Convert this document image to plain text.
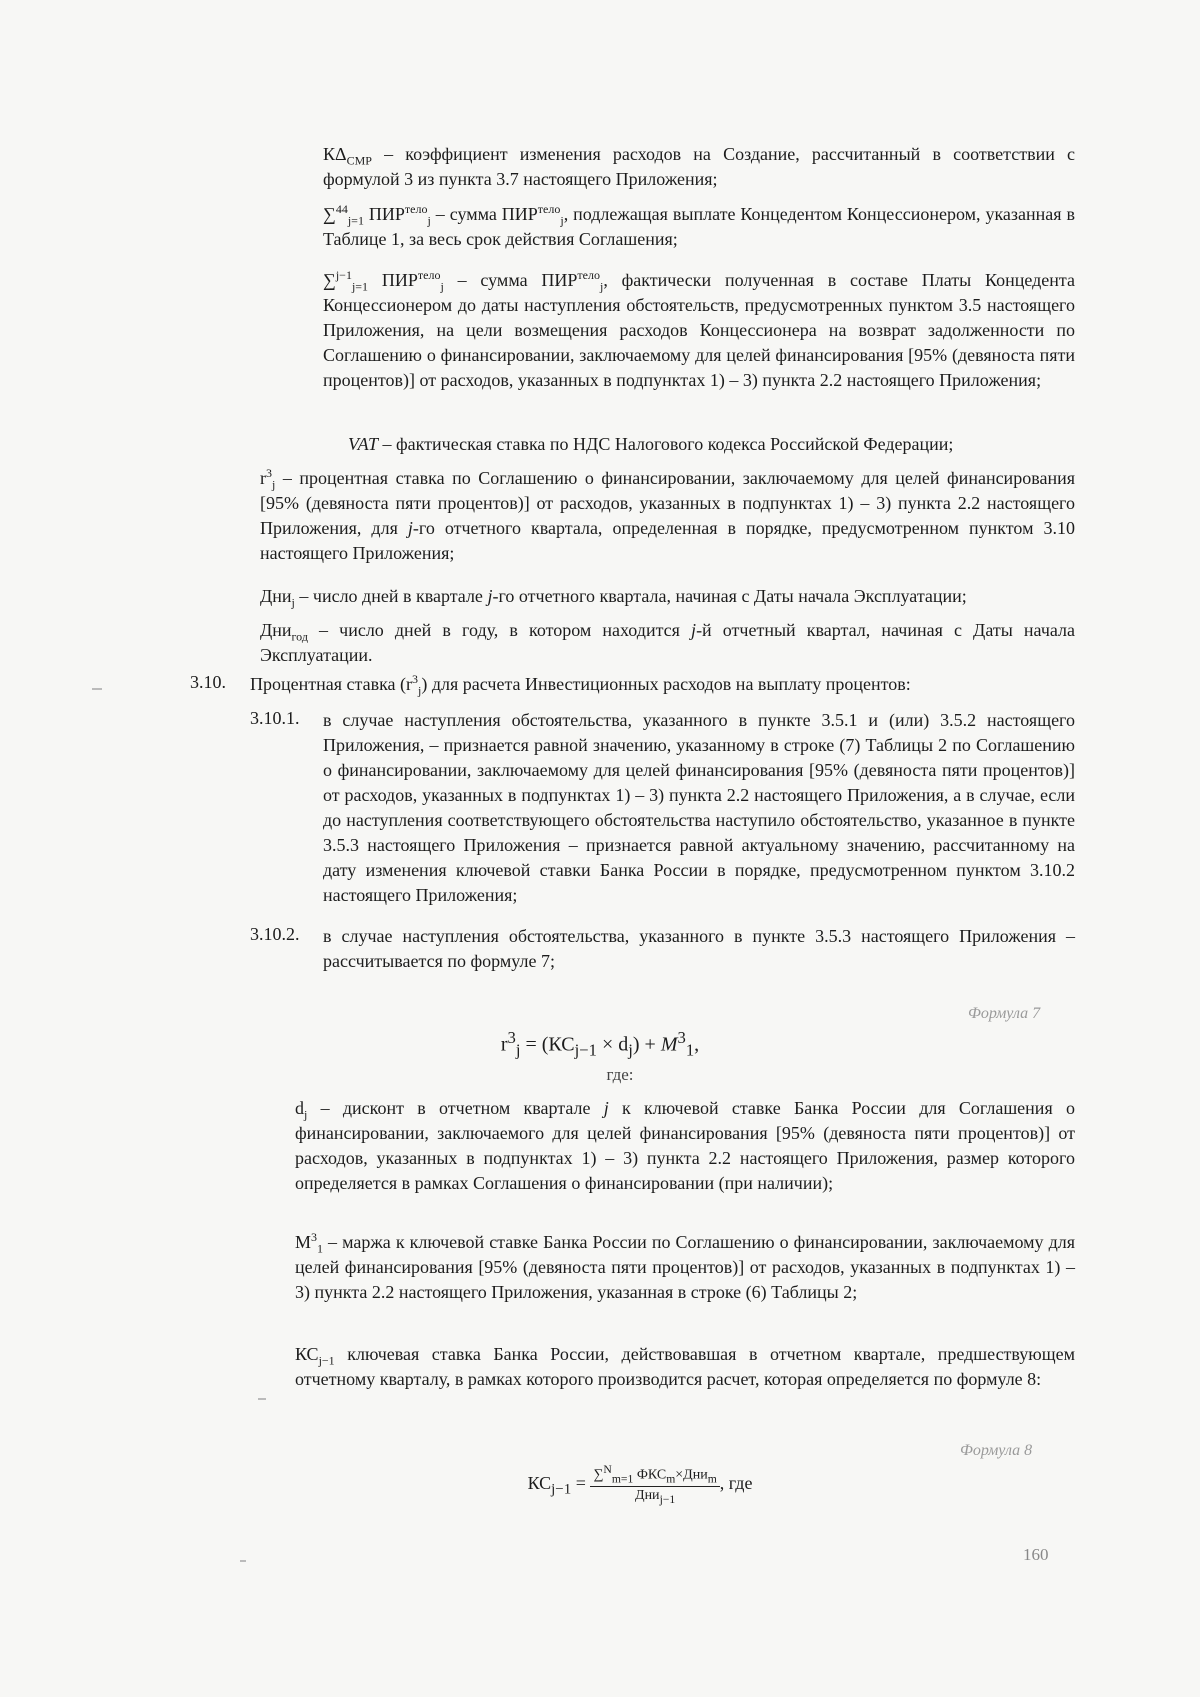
$К\Delta_{СМР}$ – коэффициент изменения расходов на Создание, рассчитанный в соответствии с формулой 3 из пункта 3.7 настоящего Приложения;
∑$^{44}_{j=1}$ $ПИР^{тело}_j$ – сумма $ПИР^{тело}_j$, подлежащая выплате Концедентом Концессионером, указанная в Таблице 1, за весь срок действия Соглашения;
∑$^{j-1}_{j=1}$ $ПИР^{тело}_j$ – сумма $ПИР^{тело}_j$, фактически полученная в составе Платы Концедента Концессионером до даты наступления обстоятельств, предусмотренных пунктом 3.5 настоящего Приложения, на цели возмещения расходов Концессионера на возврат задолженности по Соглашению о финансировании, заключаемому для целей финансирования [95% (девяноста пяти процентов)] от расходов, указанных в подпунктах 1) – 3) пункта 2.2 настоящего Приложения;
VAT – фактическая ставка по НДС Налогового кодекса Российской Федерации;
$r^3_j$ – процентная ставка по Соглашению о финансировании, заключаемому для целей финансирования [95% (девяноста пяти процентов)] от расходов, указанных в подпунктах 1) – 3) пункта 2.2 настоящего Приложения, для j-го отчетного квартала, определенная в порядке, предусмотренном пунктом 3.10 настоящего Приложения;
Дни$_j$ – число дней в квартале j-го отчетного квартала, начиная с Даты начала Эксплуатации;
Дни$_{год}$ – число дней в году, в котором находится j-й отчетный квартал, начиная с Даты начала Эксплуатации.
3.10. Процентная ставка $(r^3_j)$ для расчета Инвестиционных расходов на выплату процентов:
3.10.1. в случае наступления обстоятельства, указанного в пункте 3.5.1 и (или) 3.5.2 настоящего Приложения, – признается равной значению, указанному в строке (7) Таблицы 2 по Соглашению о финансировании, заключаемому для целей финансирования [95% (девяноста пяти процентов)] от расходов, указанных в подпунктах 1) – 3) пункта 2.2 настоящего Приложения, а в случае, если до наступления соответствующего обстоятельства наступило обстоятельство, указанное в пункте 3.5.3 настоящего Приложения – признается равной актуальному значению, рассчитанному на дату изменения ключевой ставки Банка России в порядке, предусмотренном пунктом 3.10.2 настоящего Приложения;
3.10.2. в случае наступления обстоятельства, указанного в пункте 3.5.3 настоящего Приложения – рассчитывается по формуле 7;
Формула 7
$r^3_j = (КС_{j-1} \times d_j) + M^3_1$,
где:
$d_j$ – дисконт в отчетном квартале j к ключевой ставке Банка России для Соглашения о финансировании, заключаемого для целей финансирования [95% (девяноста пяти процентов)] от расходов, указанных в подпунктах 1) – 3) пункта 2.2 настоящего Приложения, размер которого определяется в рамках Соглашения о финансировании (при наличии);
$M^3_1$ – маржа к ключевой ставке Банка России по Соглашению о финансировании, заключаемому для целей финансирования [95% (девяноста пяти процентов)] от расходов, указанных в подпунктах 1) – 3) пункта 2.2 настоящего Приложения, указанная в строке (6) Таблицы 2;
$КС_{j-1}$ ключевая ставка Банка России, действовавшая в отчетном квартале, предшествующем отчетному кварталу, в рамках которого производится расчет, которая определяется по формуле 8:
Формула 8
$КС_{j-1} = \frac{\sum^N_{m=1} ФКС_m\times Дни_m}{Дни_{j-1}}$ , где
160
